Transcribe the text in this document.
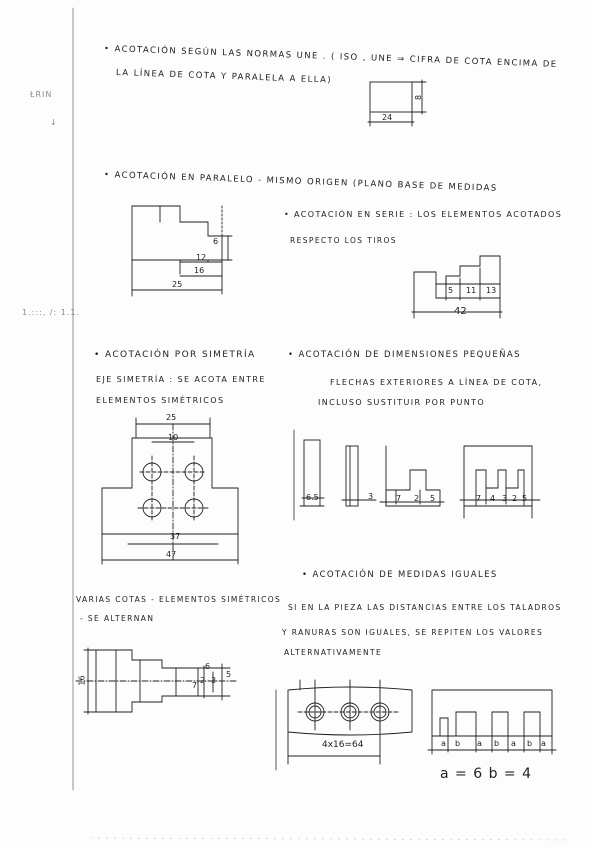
ŁRIN
↓
1.:::, /: 1.1.
• ACOTACIÓN SEGÚN LAS NORMAS UNE . ( ISO , UNE ⇒ CIFRA DE COTA ENCIMA DE
LA LÍNEA DE COTA Y PARALELA A ELLA)
24
8
• ACOTACIÓN EN PARALELO - MISMO ORIGEN (PLANO BASE DE MEDIDAS
6
12
16
25
• ACOTACIÓN EN SERIE : LOS ELEMENTOS ACOTADOS
RESPECTO LOS TIROS
5 11 13
42
• ACOTACIÓN POR SIMETRÍA
EJE SIMETRÍA : SE ACOTA ENTRE
ELEMENTOS SIMÉTRICOS
25
10
37
47
• ACOTACIÓN DE DIMENSIONES PEQUEÑAS
FLECHAS EXTERIORES A LÍNEA DE COTA,
INCLUSO SUSTITUIR POR PUNTO
6.5	3	7 2 5	7 4 3 2 5
VARIAS COTAS - ELEMENTOS SIMÉTRICOS
- SE ALTERNAN
16	7
6
2 3
5
• ACOTACIÓN DE MEDIDAS IGUALES
SI EN LA PIEZA LAS DISTANCIAS ENTRE LOS TALADROS
Y RANURAS SON IGUALES, SE REPITEN LOS VALORES
ALTERNATIVAMENTE
4x16=64	a b a b a b a
a = 6 b = 4
